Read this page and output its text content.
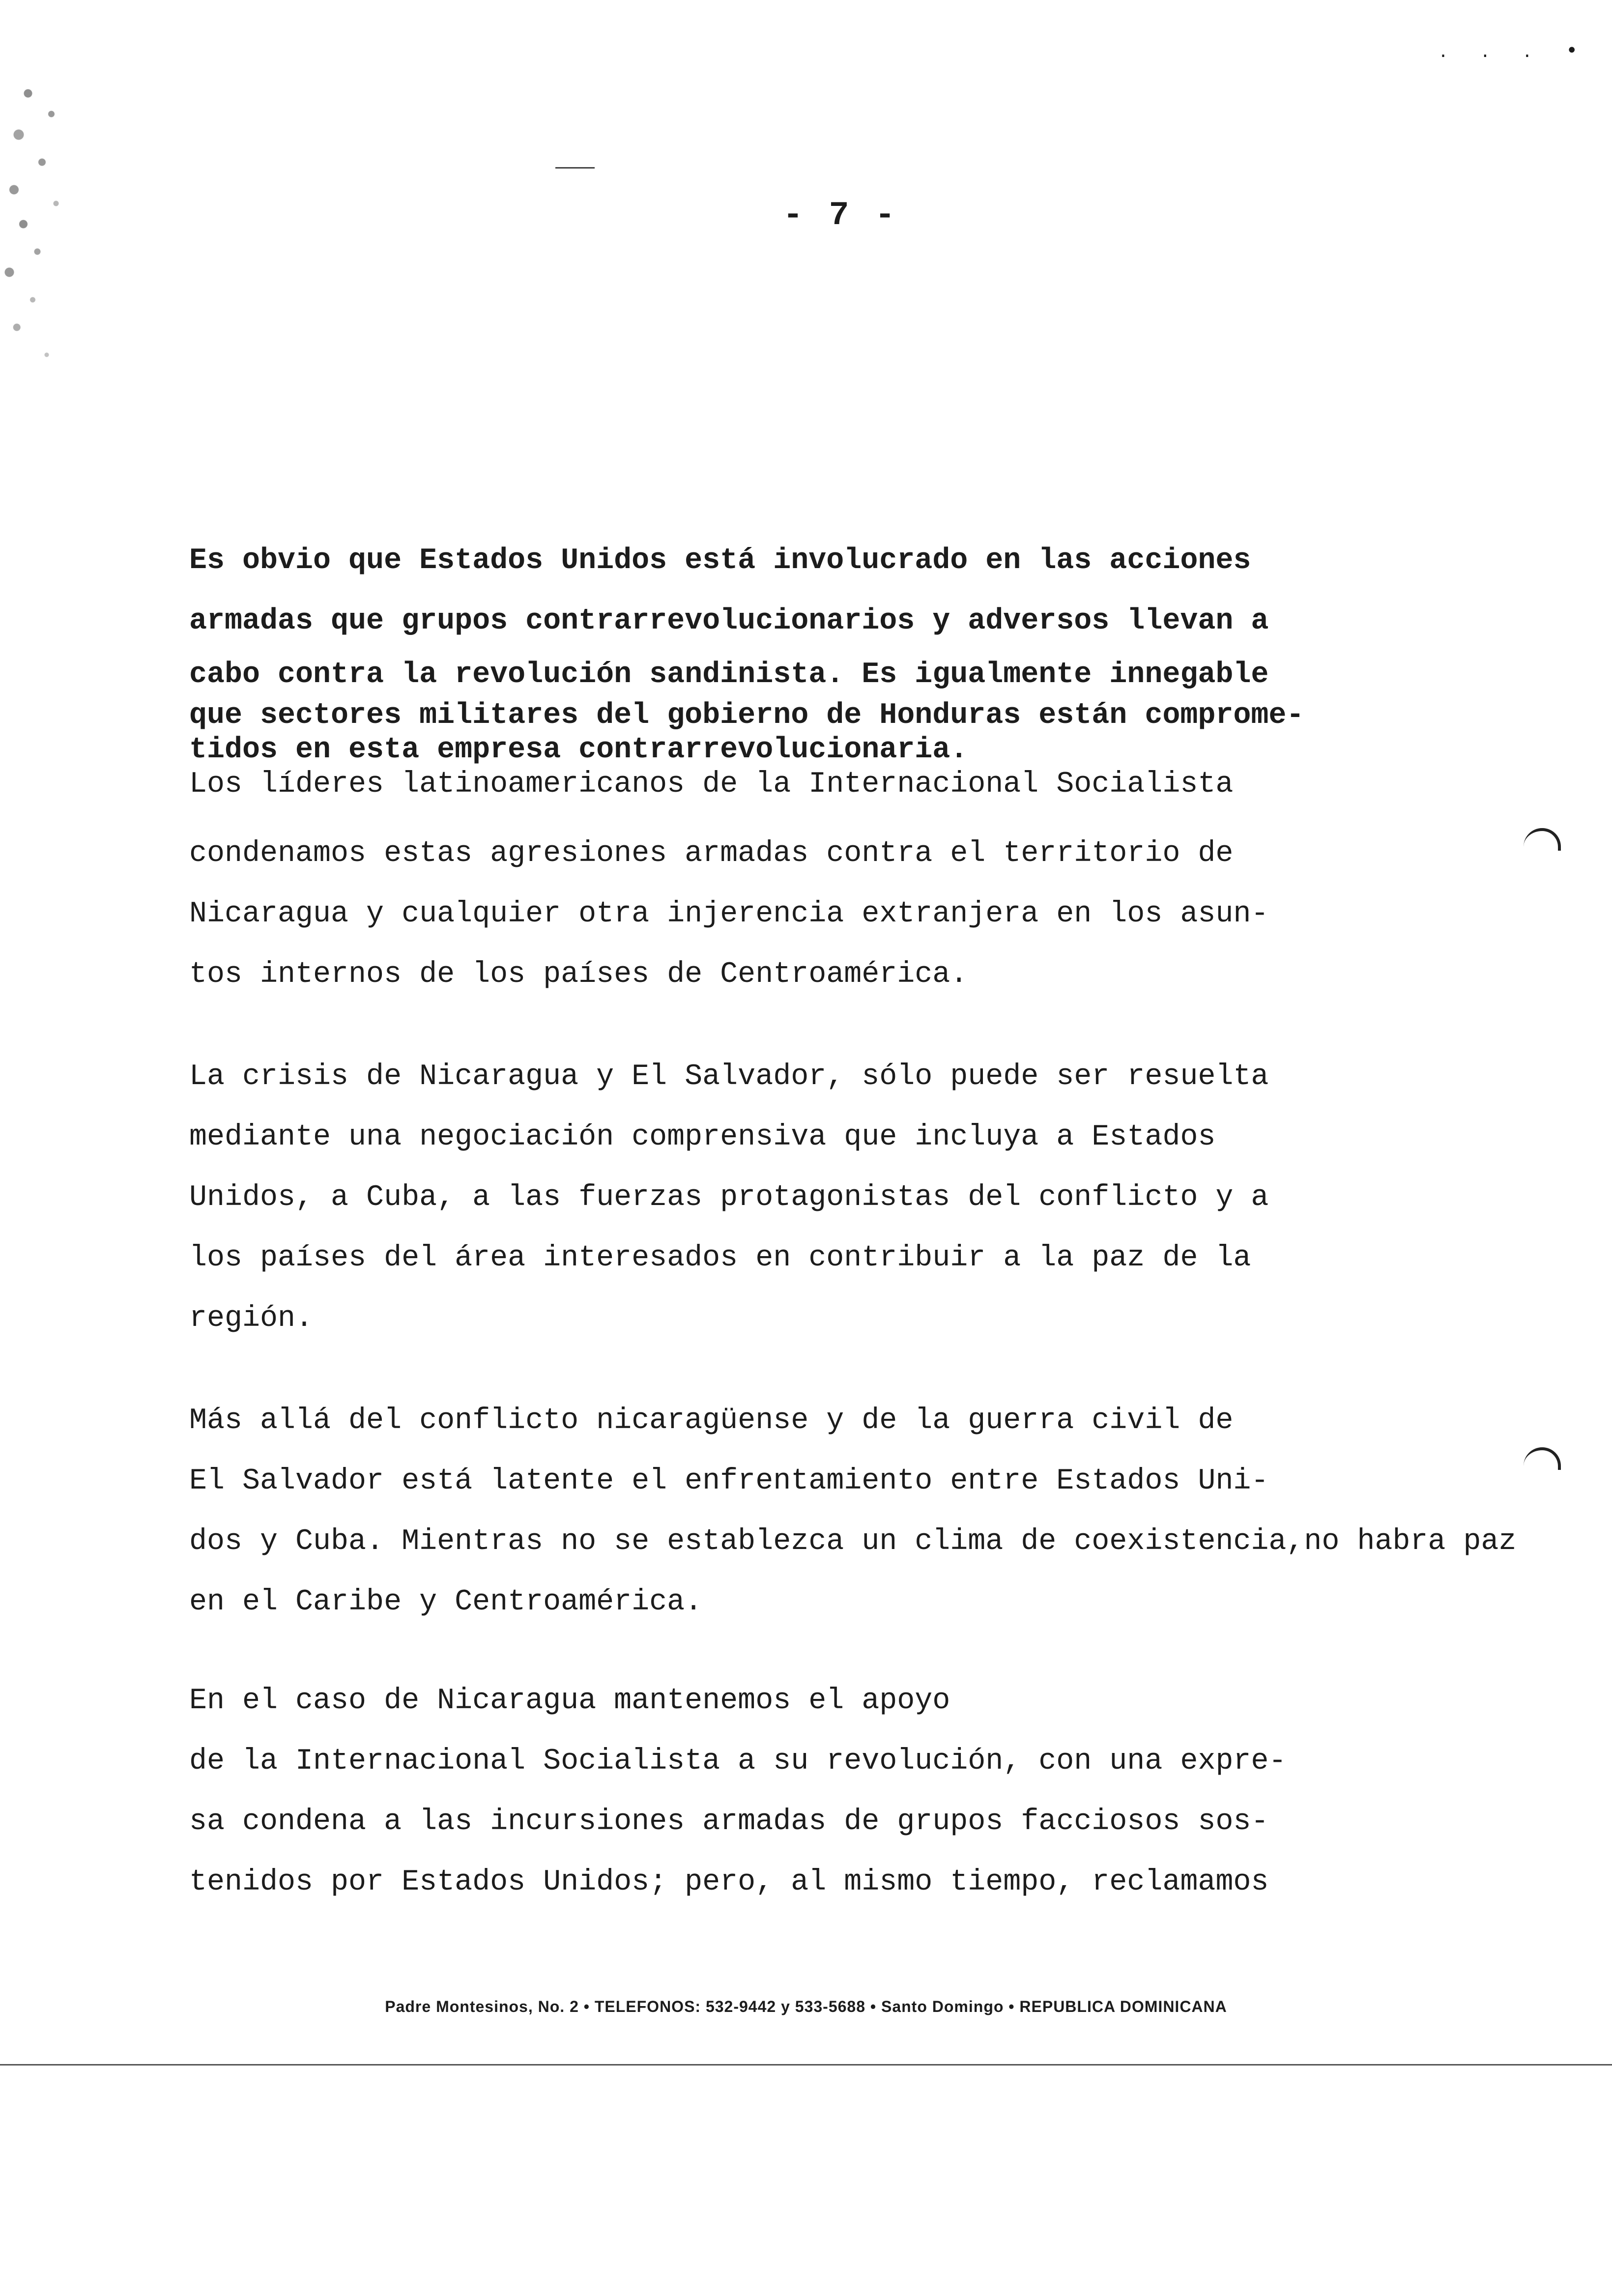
. . . •
- 7 -
Es obvio que Estados Unidos está involucrado en las acciones
armadas que grupos contrarrevolucionarios y adversos llevan a
cabo contra la revolución sandinista. Es igualmente innegable
que sectores militares del gobierno de Honduras están comprome-
tidos en esta empresa contrarrevolucionaria.
Los líderes latinoamericanos de la Internacional Socialista
condenamos estas agresiones armadas contra el territorio de
Nicaragua y cualquier otra injerencia extranjera en los asun-
tos internos de los países de Centroamérica.
La crisis de Nicaragua y El Salvador, sólo puede ser resuelta
mediante una negociación comprensiva que incluya a Estados
Unidos, a Cuba, a las fuerzas protagonistas del conflicto y a
los países del área interesados en contribuir a la paz de la
región.
Más allá del conflicto nicaragüense y de la guerra civil de
El Salvador está latente el enfrentamiento entre Estados Uni-
dos y Cuba. Mientras no se establezca un clima de coexistencia,no habra paz
en el Caribe y Centroamérica.
En el caso de Nicaragua mantenemos el apoyo
de la Internacional Socialista a su revolución, con una expre-
sa condena a las incursiones armadas de grupos facciosos sos-
tenidos por Estados Unidos; pero, al mismo tiempo, reclamamos
Padre Montesinos, No. 2 • TELEFONOS: 532-9442 y 533-5688 • Santo Domingo • REPUBLICA DOMINICANA
